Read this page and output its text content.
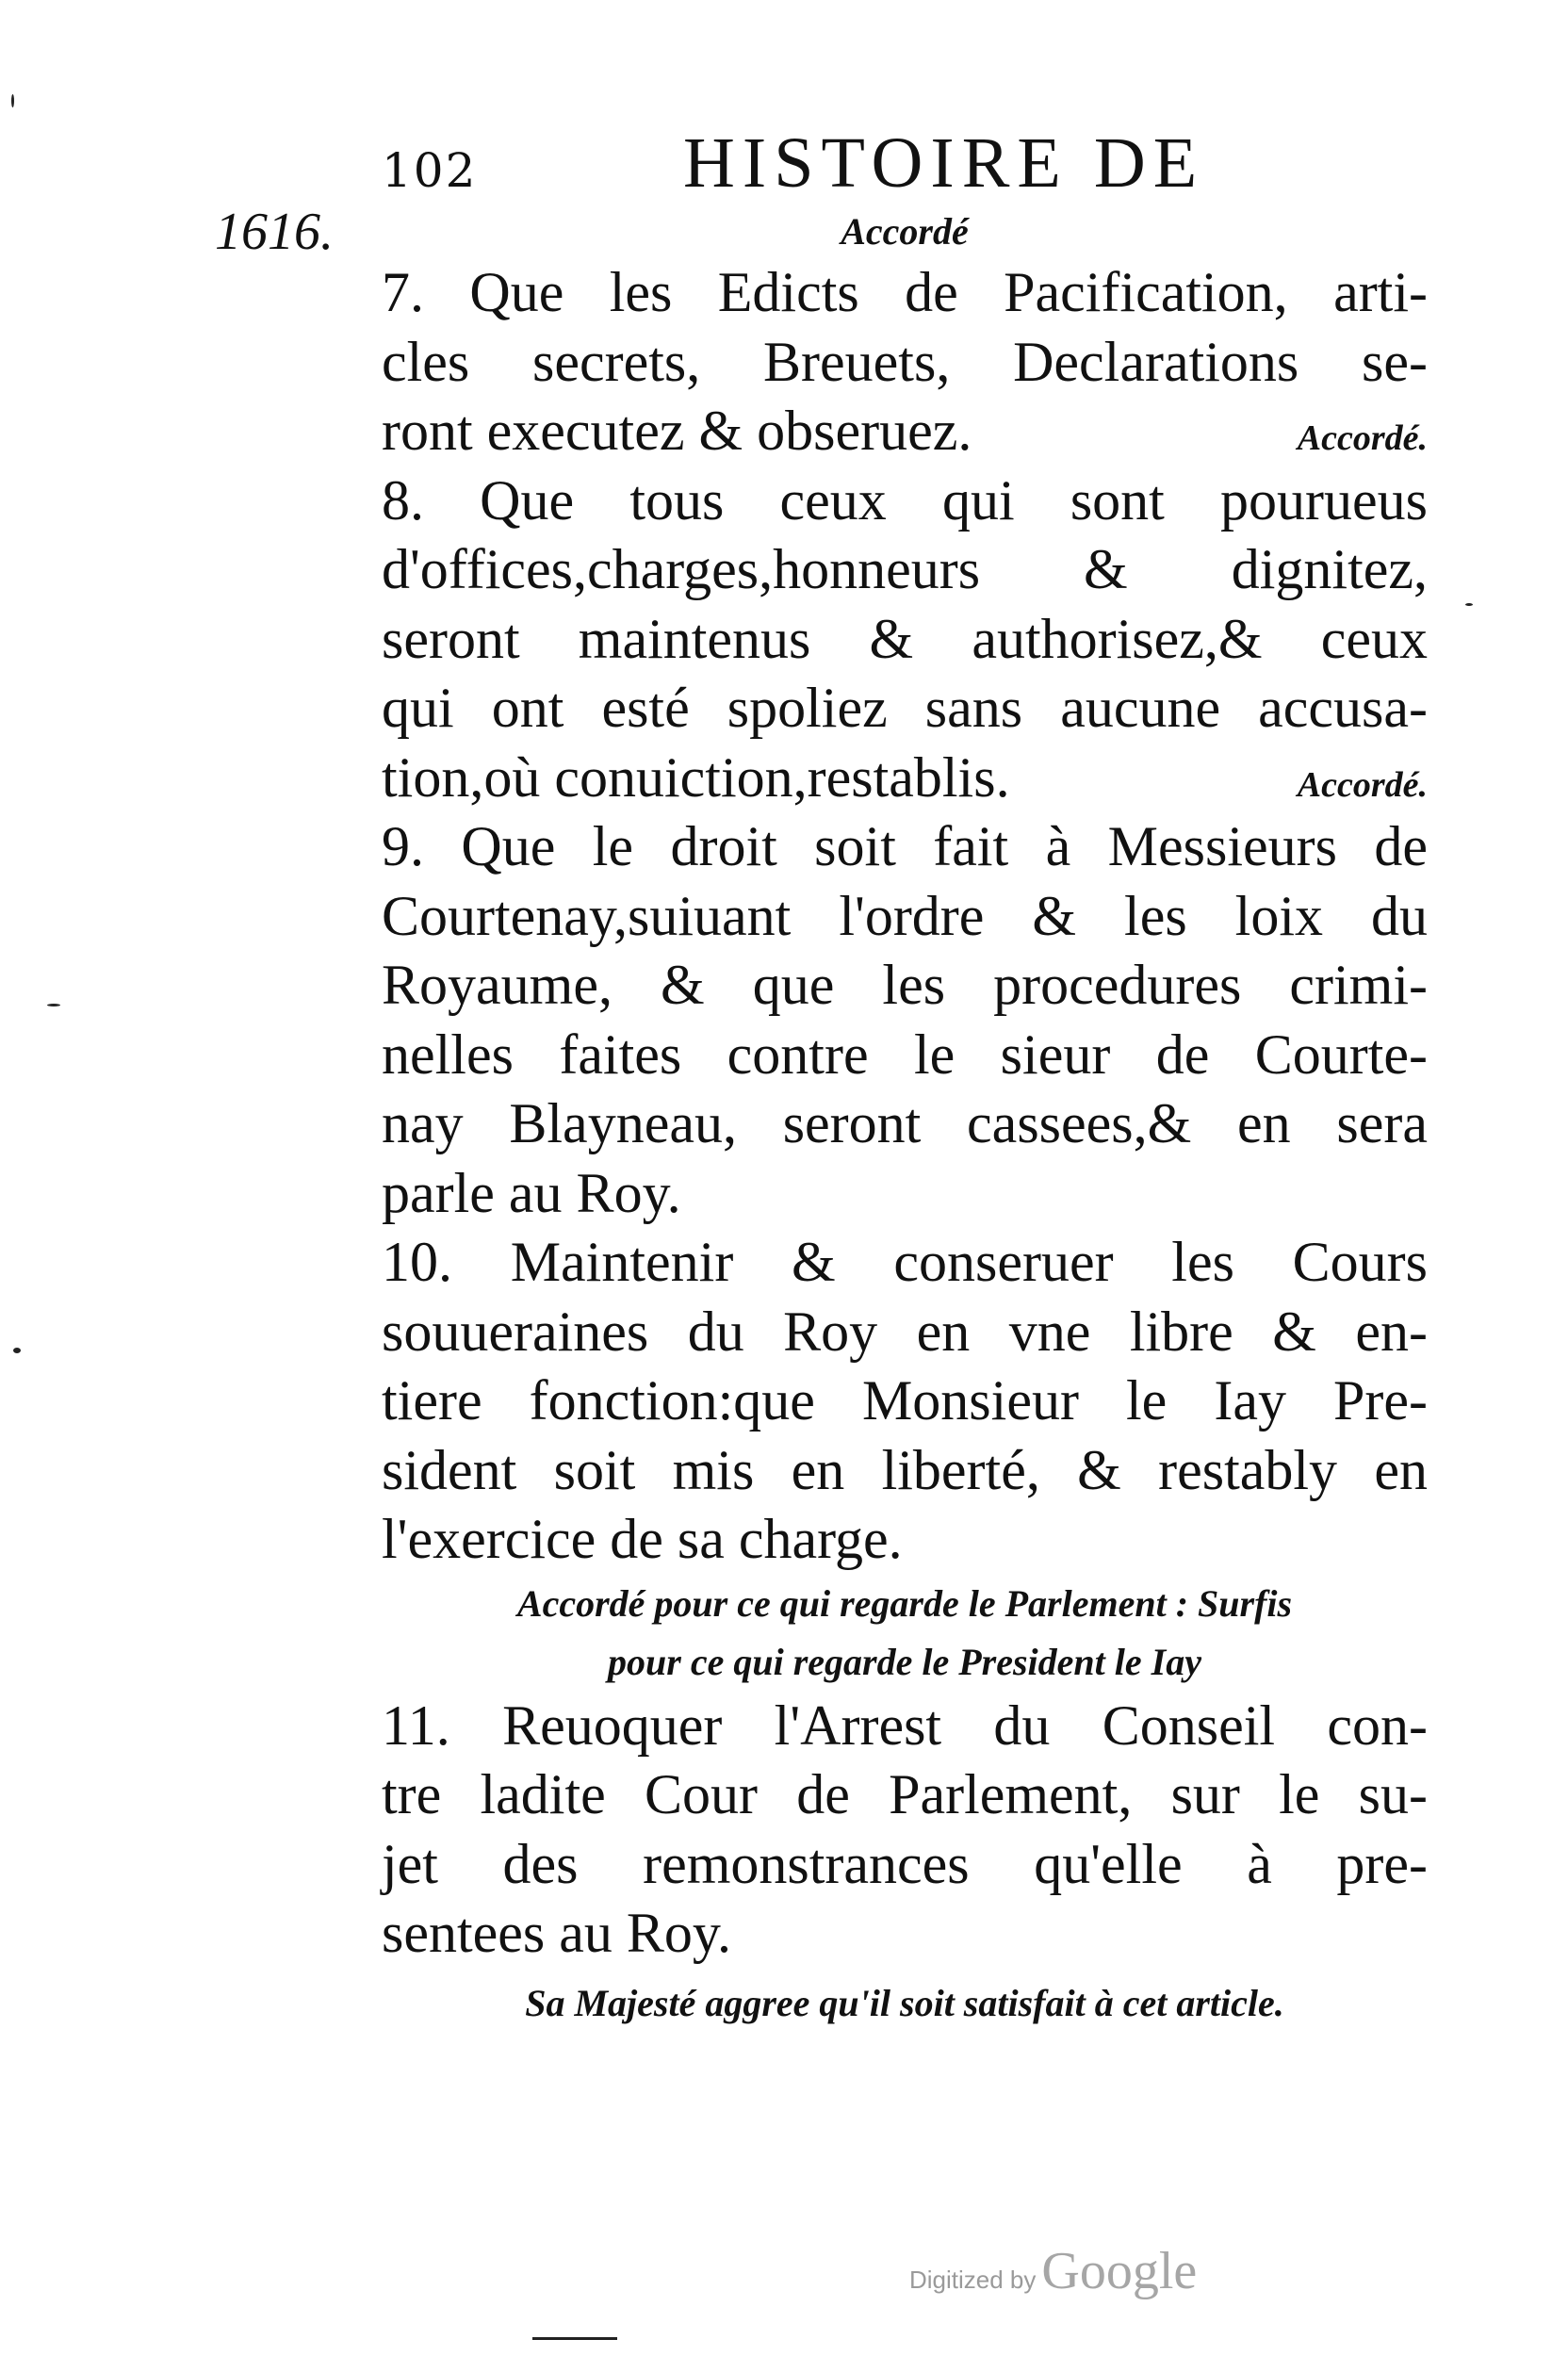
102	HISTOIRE DE
1616.	Accordé
7. Que les Edicts de Pacification, arti-
cles secrets, Breuets, Declarations se-
ront executez & obseruez.	Accordé.
8. Que tous ceux qui sont pourueus
d'offices,charges,honneurs & dignitez,
seront maintenus & authorisez,& ceux
qui ont esté spoliez sans aucune accusa-
tion,où conuiction,restablis.	Accordé.
9. Que le droit soit fait à Messieurs de
Courtenay,suiuant l'ordre & les loix du
Royaume, & que les procedures crimi-
nelles faites contre le sieur de Courte-
nay Blayneau, seront cassees,& en sera
parle au Roy.
10. Maintenir & conseruer les Cours
souueraines du Roy en vne libre & en-
tiere fonction:que Monsieur le Iay Pre-
sident soit mis en liberté, & restably en
l'exercice de sa charge.
Accordé pour ce qui regarde le Parlement : Surfis
pour ce qui regarde le President le Iay
11. Reuoquer l'Arrest du Conseil con-
tre ladite Cour de Parlement, sur le su-
jet des remonstrances qu'elle à pre-
sentees au Roy.
Sa Majesté aggree qu'il soit satisfait à cet article.
Digitized by Google
